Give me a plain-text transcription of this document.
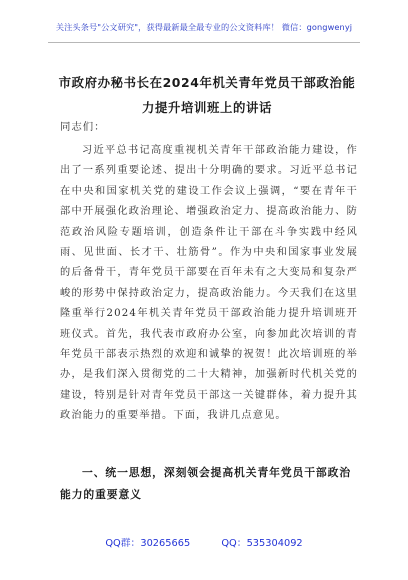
关注头条号"公文研究"，获得最新最全最专业的公文资料库！ 微信：gongwenyj
市政府办秘书长在2024年机关青年党员干部政治能力提升培训班上的讲话
同志们：

习近平总书记高度重视机关青年干部政治能力建设，作出了一系列重要论述、提出十分明确的要求。习近平总书记在中央和国家机关党的建设工作会议上强调，“要在青年干部中开展强化政治理论、增强政治定力、提高政治能力、防范政治风险专题培训，创造条件让干部在斗争实践中经风雨、见世面、长才干、壮筋骨”。作为中央和国家事业发展的后备骨干，青年党员干部要在百年未有之大变局和复杂严峻的形势中保持政治定力，提高政治能力。今天我们在这里隆重举行2024年机关青年党员干部政治能力提升培训班开班仪式。首先，我代表市政府办公室，向参加此次培训的青年党员干部表示热烈的欢迎和诚挚的祝贺！此次培训班的举办，是我们深入贯彻党的二十大精神，加强新时代机关党的建设，特别是针对青年党员干部这一关键群体，着力提升其政治能力的重要举措。下面，我讲几点意见。

一、统一思想，深刻领会提高机关青年党员干部政治能力的重要意义

QQ群：30265665          QQ：535304092
